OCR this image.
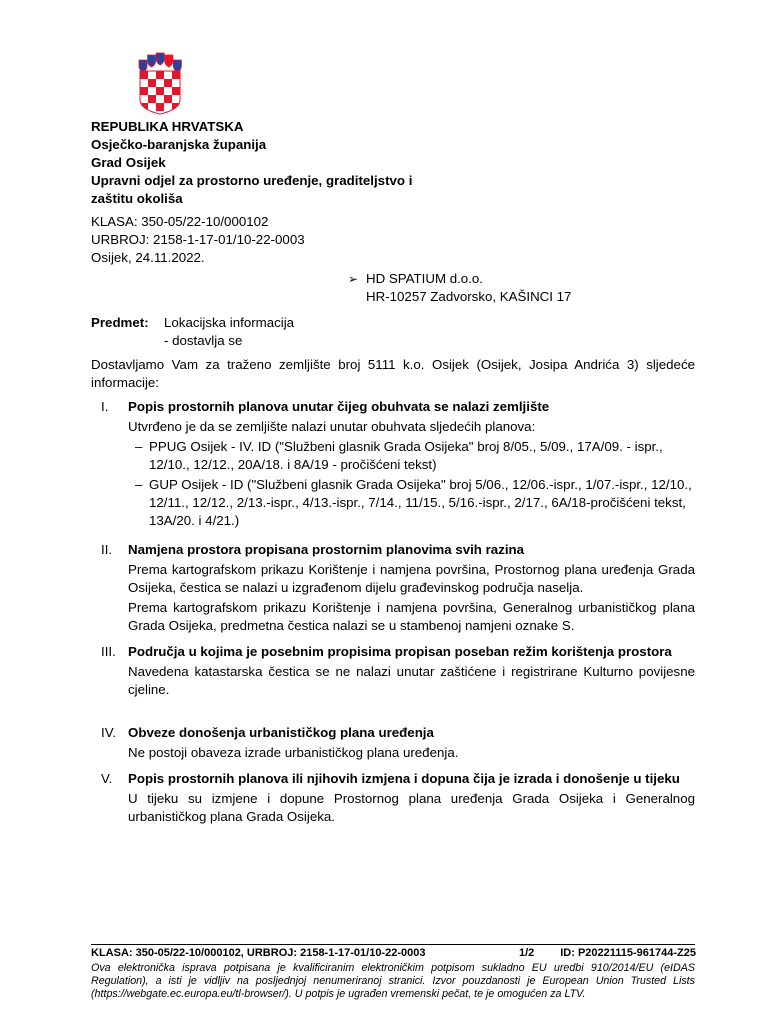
REPUBLIKA HRVATSKA
Osječko-baranjska županija
Grad Osijek
Upravni odjel za prostorno uređenje, graditeljstvo i
zaštitu okoliša
KLASA: 350-05/22-10/000102
URBROJ: 2158-1-17-01/10-22-0003
Osijek, 24.11.2022.
➢ HD SPATIUM d.o.o.
HR-10257 Zadvorsko, KAŠINCI 17
Predmet: Lokacijska informacija
- dostavlja se
Dostavljamo Vam za traženo zemljište broj 5111 k.o. Osijek (Osijek, Josipa Andrića 3) sljedeće informacije:
I. Popis prostornih planova unutar čijeg obuhvata se nalazi zemljište
Utvrđeno je da se zemljište nalazi unutar obuhvata sljedećih planova:
– PPUG Osijek - IV. ID ("Službeni glasnik Grada Osijeka" broj 8/05., 5/09., 17A/09. - ispr., 12/10., 12/12., 20A/18. i 8A/19 - pročišćeni tekst)
– GUP Osijek - ID ("Službeni glasnik Grada Osijeka" broj 5/06., 12/06.-ispr., 1/07.-ispr., 12/10., 12/11., 12/12., 2/13.-ispr., 4/13.-ispr., 7/14., 11/15., 5/16.-ispr., 2/17., 6A/18-pročišćeni tekst, 13A/20. i 4/21.)
II. Namjena prostora propisana prostornim planovima svih razina
Prema kartografskom prikazu Korištenje i namjena površina, Prostornog plana uređenja Grada Osijeka, čestica se nalazi u izgrađenom dijelu građevinskog područja naselja.
Prema kartografskom prikazu Korištenje i namjena površina, Generalnog urbanističkog plana Grada Osijeka, predmetna čestica nalazi se u stambenoj namjeni oznake S.
III. Područja u kojima je posebnim propisima propisan poseban režim korištenja prostora
Navedena katastarska čestica se ne nalazi unutar zaštićene i registrirane Kulturno povijesne cjeline.
IV. Obveze donošenja urbanističkog plana uređenja
Ne postoji obaveza izrade urbanističkog plana uređenja.
V. Popis prostornih planova ili njihovih izmjena i dopuna čija je izrada i donošenje u tijeku
U tijeku su izmjene i dopune Prostornog plana uređenja Grada Osijeka i Generalnog urbanističkog plana Grada Osijeka.
KLASA: 350-05/22-10/000102, URBROJ: 2158-1-17-01/10-22-0003	1/2 ID: P20221115-961744-Z25
Ova elektronička isprava potpisana je kvalificiranim elektroničkim potpisom sukladno EU uredbi 910/2014/EU (eIDAS Regulation), a isti je vidljiv na posljednjoj nenumeriranoj stranici. Izvor pouzdanosti je European Union Trusted Lists (https://webgate.ec.europa.eu/tl-browser/). U potpis je ugrađen vremenski pečat, te je omogućen za LTV.
